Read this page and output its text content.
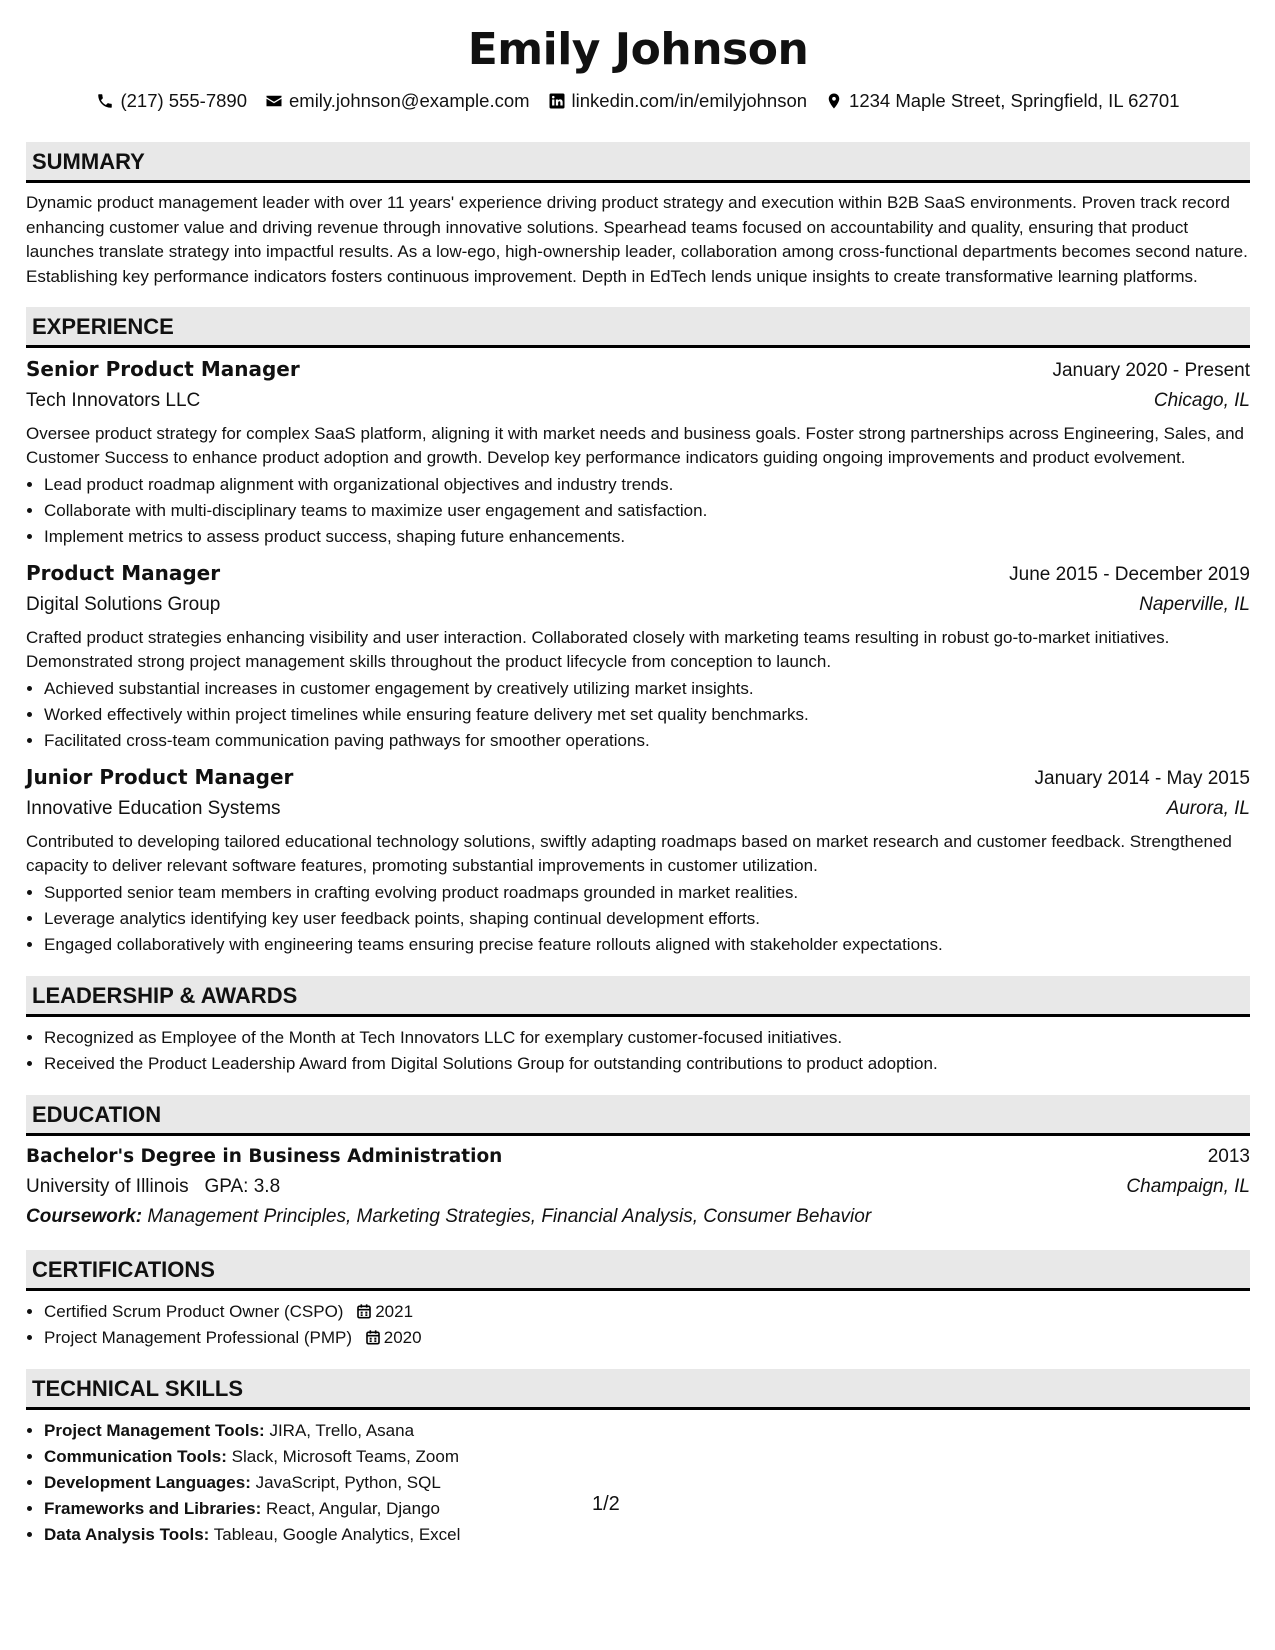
Emily Johnson
(217) 555-7890 emily.johnson@example.com linkedin.com/in/emilyjohnson 1234 Maple Street, Springfield, IL 62701
SUMMARY
Dynamic product management leader with over 11 years' experience driving product strategy and execution within B2B SaaS environments. Proven track record enhancing customer value and driving revenue through innovative solutions. Spearhead teams focused on accountability and quality, ensuring that product launches translate strategy into impactful results. As a low-ego, high-ownership leader, collaboration among cross-functional departments becomes second nature. Establishing key performance indicators fosters continuous improvement. Depth in EdTech lends unique insights to create transformative learning platforms.
EXPERIENCE
Senior Product Manager	January 2020 - Present
Tech Innovators LLC	Chicago, IL
Oversee product strategy for complex SaaS platform, aligning it with market needs and business goals. Foster strong partnerships across Engineering, Sales, and Customer Success to enhance product adoption and growth. Develop key performance indicators guiding ongoing improvements and product evolvement.
• Lead product roadmap alignment with organizational objectives and industry trends.
• Collaborate with multi-disciplinary teams to maximize user engagement and satisfaction.
• Implement metrics to assess product success, shaping future enhancements.
Product Manager	June 2015 - December 2019
Digital Solutions Group	Naperville, IL
Crafted product strategies enhancing visibility and user interaction. Collaborated closely with marketing teams resulting in robust go-to-market initiatives. Demonstrated strong project management skills throughout the product lifecycle from conception to launch.
• Achieved substantial increases in customer engagement by creatively utilizing market insights.
• Worked effectively within project timelines while ensuring feature delivery met set quality benchmarks.
• Facilitated cross-team communication paving pathways for smoother operations.
Junior Product Manager	January 2014 - May 2015
Innovative Education Systems	Aurora, IL
Contributed to developing tailored educational technology solutions, swiftly adapting roadmaps based on market research and customer feedback. Strengthened capacity to deliver relevant software features, promoting substantial improvements in customer utilization.
• Supported senior team members in crafting evolving product roadmaps grounded in market realities.
• Leverage analytics identifying key user feedback points, shaping continual development efforts.
• Engaged collaboratively with engineering teams ensuring precise feature rollouts aligned with stakeholder expectations.
LEADERSHIP & AWARDS
• Recognized as Employee of the Month at Tech Innovators LLC for exemplary customer-focused initiatives.
• Received the Product Leadership Award from Digital Solutions Group for outstanding contributions to product adoption.
EDUCATION
Bachelor's Degree in Business Administration	2013
University of Illinois GPA: 3.8	Champaign, IL
Coursework: Management Principles, Marketing Strategies, Financial Analysis, Consumer Behavior
CERTIFICATIONS
• Certified Scrum Product Owner (CSPO) 2021
• Project Management Professional (PMP) 2020
TECHNICAL SKILLS
• Project Management Tools: JIRA, Trello, Asana
• Communication Tools: Slack, Microsoft Teams, Zoom
• Development Languages: JavaScript, Python, SQL
• Frameworks and Libraries: React, Angular, Django
• Data Analysis Tools: Tableau, Google Analytics, Excel
1/2
